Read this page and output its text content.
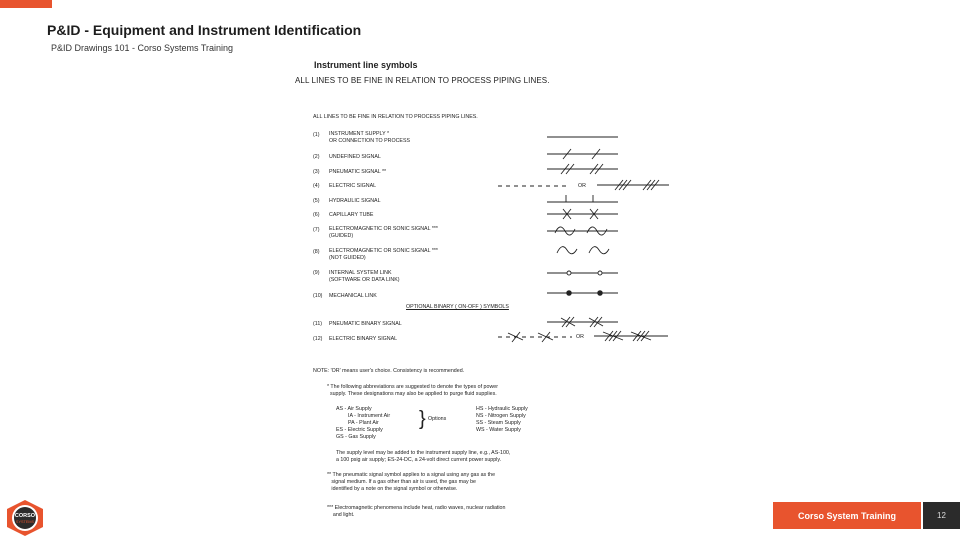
P&ID - Equipment and Instrument Identification
P&ID Drawings 101 - Corso Systems Training
Instrument line symbols
ALL LINES TO BE FINE IN RELATION TO PROCESS PIPING LINES.
ALL LINES TO BE FINE IN RELATION TO PROCESS PIPING LINES.
(1) INSTRUMENT SUPPLY *
OR CONNECTION TO PROCESS
(2) UNDEFINED SIGNAL
(3) PNEUMATIC SIGNAL **
(4) ELECTRIC SIGNAL
(5) HYDRAULIC SIGNAL
(6) CAPILLARY TUBE
(7) ELECTROMAGNETIC OR SONIC SIGNAL ***
(GUIDED)
(8) ELECTROMAGNETIC OR SONIC SIGNAL ***
(NOT GUIDED)
(9) INTERNAL SYSTEM LINK
(SOFTWARE OR DATA LINK)
(10) MECHANICAL LINK
OPTIONAL BINARY ( ON-OFF ) SYMBOLS
(11) PNEUMATIC BINARY SIGNAL
(12) ELECTRIC BINARY SIGNAL
OR
OR
NOTE: 'OR' means user's choice. Consistency is recommended.
* The following abbreviations are suggested to denote the types of power
supply. These designations may also be applied to purge fluid supplies.
AS - Air Supply
IA - Instrument Air
PA - Plant Air
ES - Electric Supply
GS - Gas Supply
} Options
HS - Hydraulic Supply
NS - Nitrogen Supply
SS - Steam Supply
WS - Water Supply
The supply level may be added to the instrument supply line, e.g., AS-100,
a 100 psig air supply; ES-24-DC, a 24-volt direct current power supply.
** The pneumatic signal symbol applies to a signal using any gas as the
signal medium. If a gas other than air is used, the gas may be
identified by a note on the signal symbol or otherwise.
*** Electromagnetic phenomena include heat, radio waves, nuclear radiation
and light.
CORSO
SYSTEMS
Corso System Training	12
